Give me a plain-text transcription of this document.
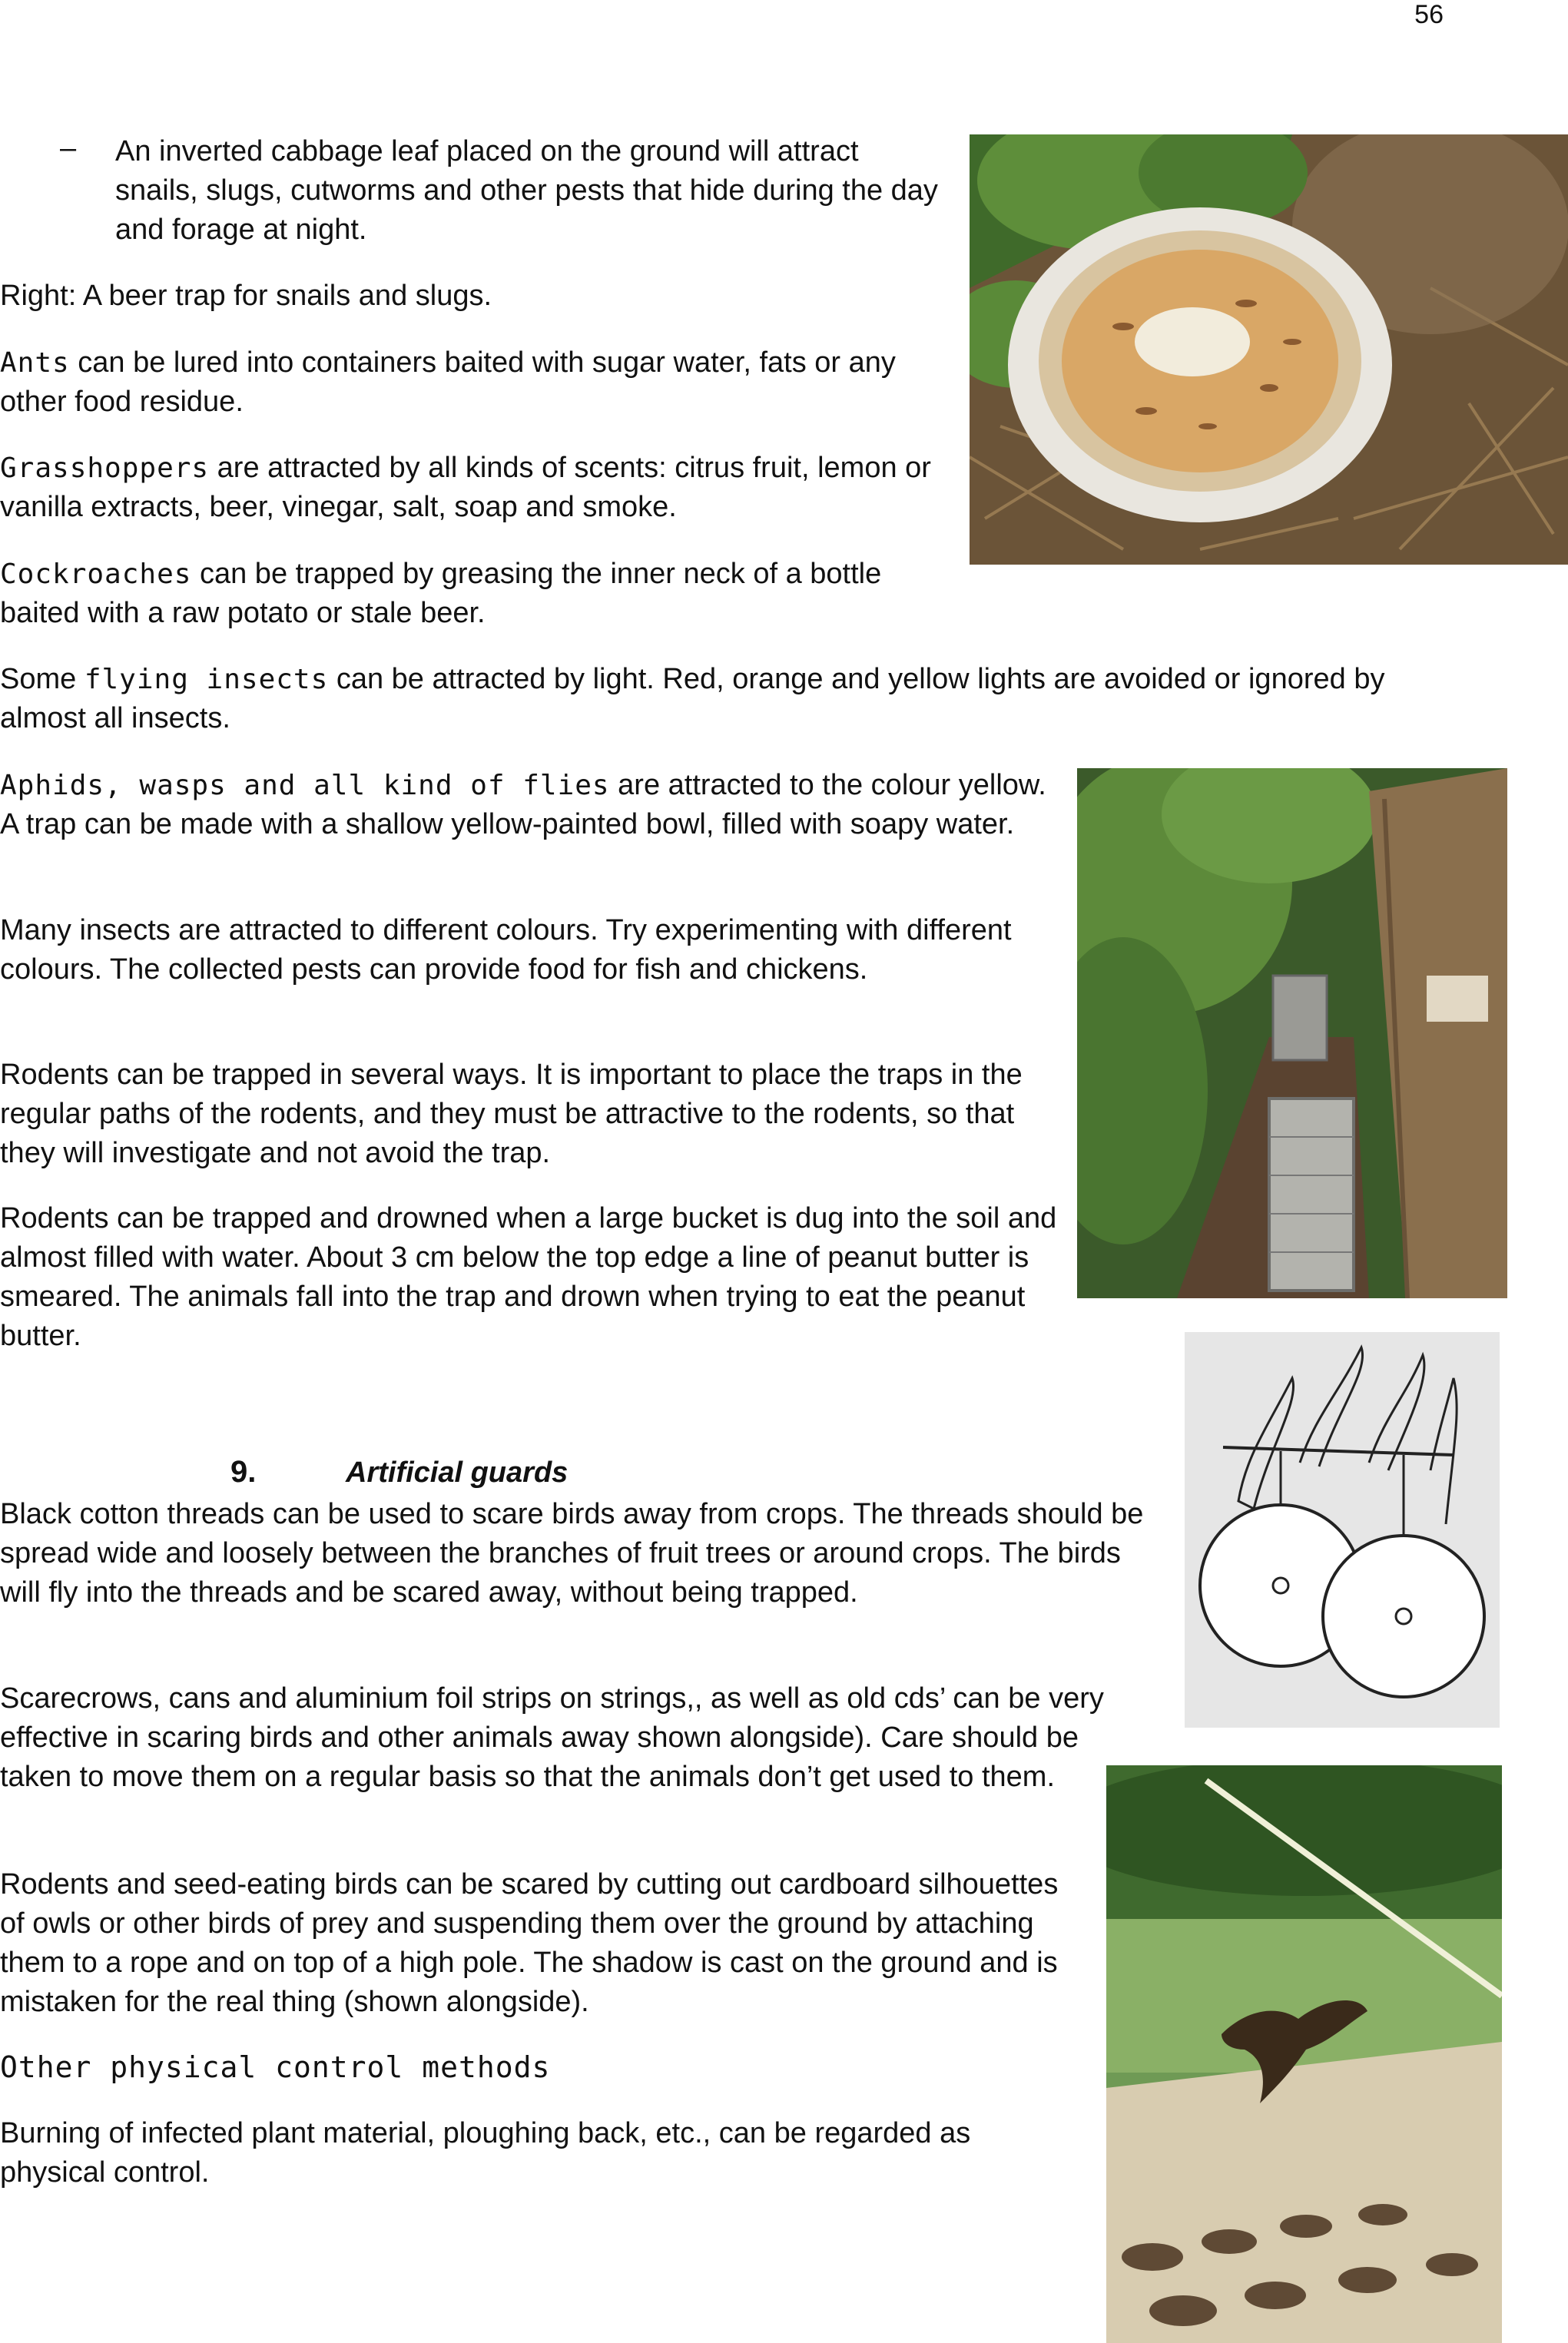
56
– An inverted cabbage leaf placed on the ground will attract snails, slugs, cutworms and other pests that hide during the day and forage at night.

Right: A beer trap for snails and slugs.

Ants can be lured into containers baited with sugar water, fats or any other food residue.

Grasshoppers are attracted by all kinds of scents: citrus fruit, lemon or vanilla extracts, beer, vinegar, salt, soap and smoke.

Cockroaches can be trapped by greasing the inner neck of a bottle baited with a raw potato or stale beer.

Some flying insects can be attracted by light. Red, orange and yellow lights are avoided or ignored by almost all insects.

Aphids, wasps and all kind of flies are attracted to the colour yellow. A trap can be made with a shallow yellow-painted bowl, filled with soapy water.

Many insects are attracted to different colours. Try experimenting with different colours. The collected pests can provide food for fish and chickens.

Rodents can be trapped in several ways. It is important to place the traps in the regular paths of the rodents, and they must be attractive to the rodents, so that they will investigate and not avoid the trap.

Rodents can be trapped and drowned when a large bucket is dug into the soil and almost filled with water. About 3 cm below the top edge a line of peanut butter is smeared. The animals fall into the trap and drown when trying to eat the peanut butter.

9.	Artificial guards

Black cotton threads can be used to scare birds away from crops. The threads should be spread wide and loosely between the branches of fruit trees or around crops. The birds will fly into the threads and be scared away, without being trapped.

Scarecrows, cans and aluminium foil strips on strings,, as well as old cds’ can be very effective in scaring birds and other animals away shown alongside). Care should be taken to move them on a regular basis so that the animals don’t get used to them.

Rodents and seed-eating birds can be scared by cutting out cardboard silhouettes of owls or other birds of prey and suspending them over the ground by attaching them to a rope and on top of a high pole. The shadow is cast on the ground and is mistaken for the real thing (shown alongside).

Other physical control methods

Burning of infected plant material, ploughing back, etc., can be regarded as physical control.
